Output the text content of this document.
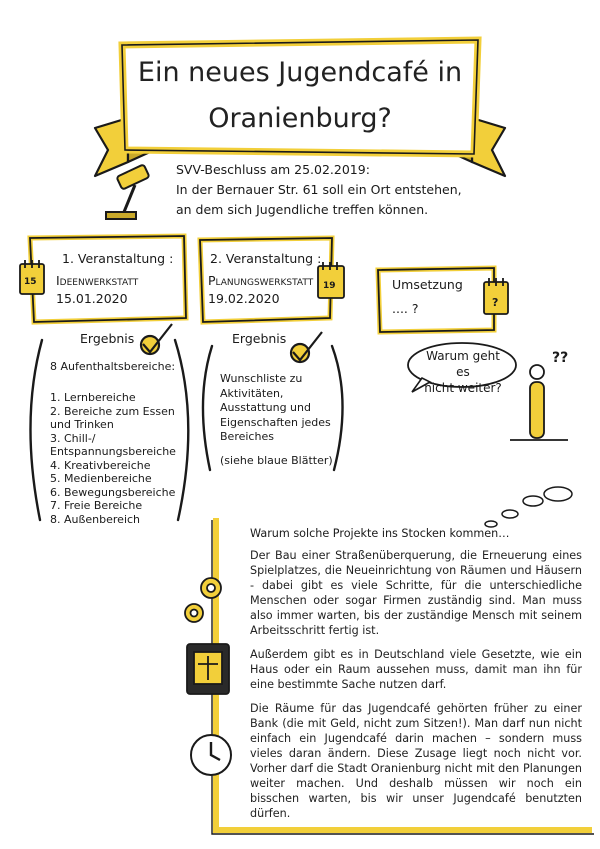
Ein neues Jugendcafé in
Oranienburg?

SVV-Beschluss am 25.02.2019:

In der Bernauer Str. 61 soll ein Ort entstehen,

an dem sich Jugendliche treffen können.

1. Veranstaltung :
Ideenwerkstatt
15.01.2020
15
Ergebnis
8 Aufenthaltsbereiche:
1. Lernbereiche
2. Bereiche zum Essen
und Trinken
3. Chill-/
Entspannungsbereiche
4. Kreativbereiche
5. Medienbereiche
6. Bewegungsbereiche
7. Freie Bereiche
8. Außenbereich
2. Veranstaltung :
Planungswerkstatt
19.02.2020
19
Ergebnis
Wunschliste zu
Aktivitäten,
Ausstattung und
Eigenschaften jedes
Bereiches
(siehe blaue Blätter)
Umsetzung
.... ?	?
Warum geht es
nicht weiter?
??
Warum solche Projekte ins Stocken kommen…

Der Bau einer Straßenüberquerung, die Erneuerung eines Spielplatzes, die Neueinrichtung von Räumen und Häusern - dabei gibt es viele Schritte, für die unterschiedliche Menschen oder sogar Firmen zuständig sind. Man muss also immer warten, bis der zuständige Mensch mit seinem Arbeitsschritt fertig ist.

Außerdem gibt es in Deutschland viele Gesetzte, wie ein Haus oder ein Raum aussehen muss, damit man ihn für eine bestimmte Sache nutzen darf.

Die Räume für das Jugendcafé gehörten früher zu einer Bank (die mit Geld, nicht zum Sitzen!). Man darf nun nicht einfach ein Jugendcafé darin machen – sondern muss vieles daran ändern. Diese Zusage liegt noch nicht vor. Vorher darf die Stadt Oranienburg nicht mit den Planungen weiter machen. Und deshalb müssen wir noch ein bisschen warten, bis wir unser Jugendcafé benutzten dürfen.
